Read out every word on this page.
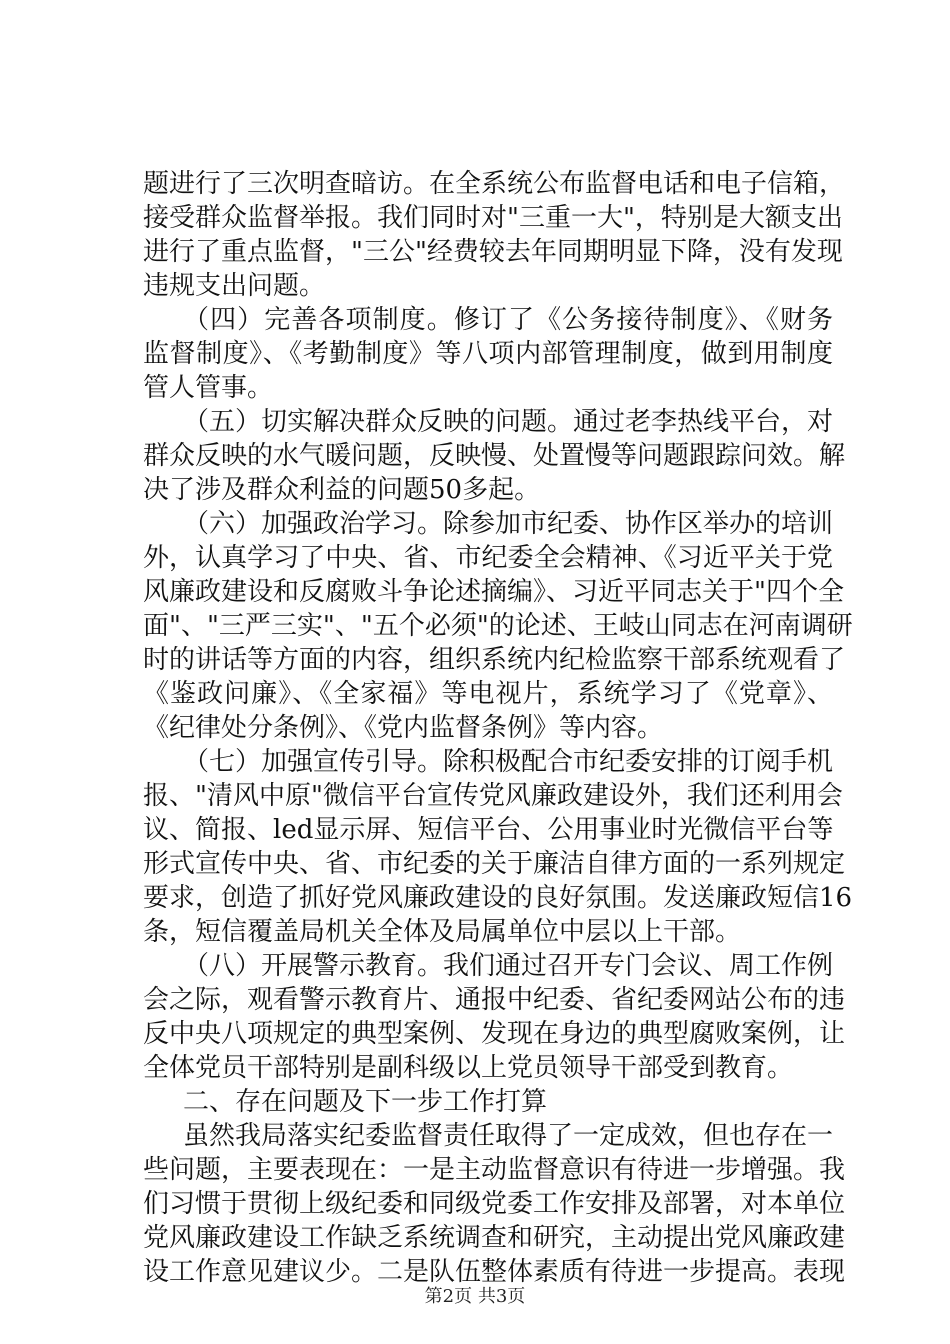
题进行了三次明查暗访。在全系统公布监督电话和电子信箱，
接受群众监督举报。我们同时对"三重一大"，特别是大额支出
进行了重点监督，"三公"经费较去年同期明显下降，没有发现
违规支出问题。
（四）完善各项制度。修订了《公务接待制度》、《财务
监督制度》、《考勤制度》等八项内部管理制度，做到用制度
管人管事。
（五）切实解决群众反映的问题。通过老李热线平台，对
群众反映的水气暖问题，反映慢、处置慢等问题跟踪问效。解
决了涉及群众利益的问题50多起。
（六）加强政治学习。除参加市纪委、协作区举办的培训
外，认真学习了中央、省、市纪委全会精神、《习近平关于党
风廉政建设和反腐败斗争论述摘编》、习近平同志关于"四个全
面"、"三严三实"、"五个必须"的论述、王岐山同志在河南调研
时的讲话等方面的内容，组织系统内纪检监察干部系统观看了
《鉴政问廉》、《全家福》等电视片，系统学习了《党章》、
《纪律处分条例》、《党内监督条例》等内容。
（七）加强宣传引导。除积极配合市纪委安排的订阅手机
报、"清风中原"微信平台宣传党风廉政建设外，我们还利用会
议、简报、led显示屏、短信平台、公用事业时光微信平台等
形式宣传中央、省、市纪委的关于廉洁自律方面的一系列规定
要求，创造了抓好党风廉政建设的良好氛围。发送廉政短信16
条，短信覆盖局机关全体及局属单位中层以上干部。
（八）开展警示教育。我们通过召开专门会议、周工作例
会之际，观看警示教育片、通报中纪委、省纪委网站公布的违
反中央八项规定的典型案例、发现在身边的典型腐败案例，让
全体党员干部特别是副科级以上党员领导干部受到教育。
二、存在问题及下一步工作打算
虽然我局落实纪委监督责任取得了一定成效，但也存在一
些问题，主要表现在：一是主动监督意识有待进一步增强。我
们习惯于贯彻上级纪委和同级党委工作安排及部署，对本单位
党风廉政建设工作缺乏系统调查和研究，主动提出党风廉政建
设工作意见建议少。二是队伍整体素质有待进一步提高。表现
第2页 共3页
